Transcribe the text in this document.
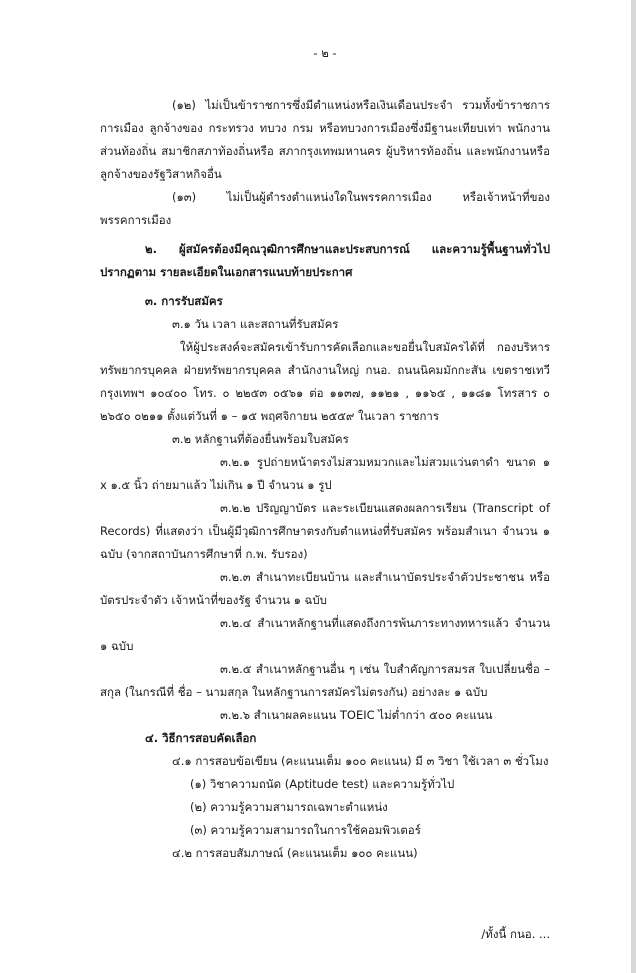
- ๒ -

(๑๒) ไม่เป็นข้าราชการซึ่งมีตำแหน่งหรือเงินเดือนประจำ รวมทั้งข้าราชการการเมือง ลูกจ้างของ กระทรวง ทบวง กรม หรือทบวงการเมืองซึ่งมีฐานะเทียบเท่า พนักงานส่วนท้องถิ่น สมาชิกสภาท้องถิ่นหรือ สภากรุงเทพมหานคร ผู้บริหารท้องถิ่น และพนักงานหรือลูกจ้างของรัฐวิสาหกิจอื่น

(๑๓) ไม่เป็นผู้ดำรงตำแหน่งใดในพรรคการเมือง หรือเจ้าหน้าที่ของพรรคการเมือง

๒. ผู้สมัครต้องมีคุณวุฒิการศึกษาและประสบการณ์ และความรู้พื้นฐานทั่วไป ปรากฏตาม รายละเอียดในเอกสารแนบท้ายประกาศ

๓. การรับสมัคร

๓.๑ วัน เวลา และสถานที่รับสมัคร

ให้ผู้ประสงค์จะสมัครเข้ารับการคัดเลือกและขอยื่นใบสมัครได้ที่ กองบริหารทรัพยากรบุคคล ฝ่ายทรัพยากรบุคคล สำนักงานใหญ่ กนอ. ถนนนิคมมักกะสัน เขตราชเทวี กรุงเทพฯ ๑๐๔๐๐ โทร. ๐ ๒๒๕๓ ๐๕๖๑ ต่อ ๑๑๓๗, ๑๑๒๑ , ๑๑๖๕ , ๑๑๘๑ โทรสาร ๐ ๒๖๕๐ ๐๒๑๑ ตั้งแต่วันที่ ๑ – ๑๕ พฤศจิกายน ๒๕๕๙ ในเวลา ราชการ

๓.๒ หลักฐานที่ต้องยื่นพร้อมใบสมัคร

๓.๒.๑ รูปถ่ายหน้าตรงไม่สวมหมวกและไม่สวมแว่นตาดำ ขนาด ๑ x ๑.๕ นิ้ว ถ่ายมาแล้ว ไม่เกิน ๑ ปี จำนวน ๑ รูป

๓.๒.๒ ปริญญาบัตร และระเบียนแสดงผลการเรียน (Transcript of Records) ที่แสดงว่า เป็นผู้มีวุฒิการศึกษาตรงกับตำแหน่งที่รับสมัคร พร้อมสำเนา จำนวน ๑ ฉบับ (จากสถาบันการศึกษาที่ ก.พ. รับรอง)

๓.๒.๓ สำเนาทะเบียนบ้าน และสำเนาบัตรประจำตัวประชาชน หรือบัตรประจำตัว เจ้าหน้าที่ของรัฐ จำนวน ๑ ฉบับ

๓.๒.๔ สำเนาหลักฐานที่แสดงถึงการพ้นภาระทางทหารแล้ว จำนวน ๑ ฉบับ

๓.๒.๕ สำเนาหลักฐานอื่น ๆ เช่น ใบสำคัญการสมรส ใบเปลี่ยนชื่อ – สกุล (ในกรณีที่ ชื่อ – นามสกุล ในหลักฐานการสมัครไม่ตรงกัน) อย่างละ ๑ ฉบับ

๓.๒.๖ สำเนาผลคะแนน TOEIC ไม่ต่ำกว่า ๕๐๐ คะแนน

๔. วิธีการสอบคัดเลือก

๔.๑ การสอบข้อเขียน (คะแนนเต็ม ๑๐๐ คะแนน) มี ๓ วิชา ใช้เวลา ๓ ชั่วโมง

(๑) วิชาความถนัด (Aptitude test) และความรู้ทั่วไป

(๒) ความรู้ความสามารถเฉพาะตำแหน่ง

(๓) ความรู้ความสามารถในการใช้คอมพิวเตอร์

๔.๒ การสอบสัมภาษณ์ (คะแนนเต็ม ๑๐๐ คะแนน)

/ทั้งนี้ กนอ. ...
